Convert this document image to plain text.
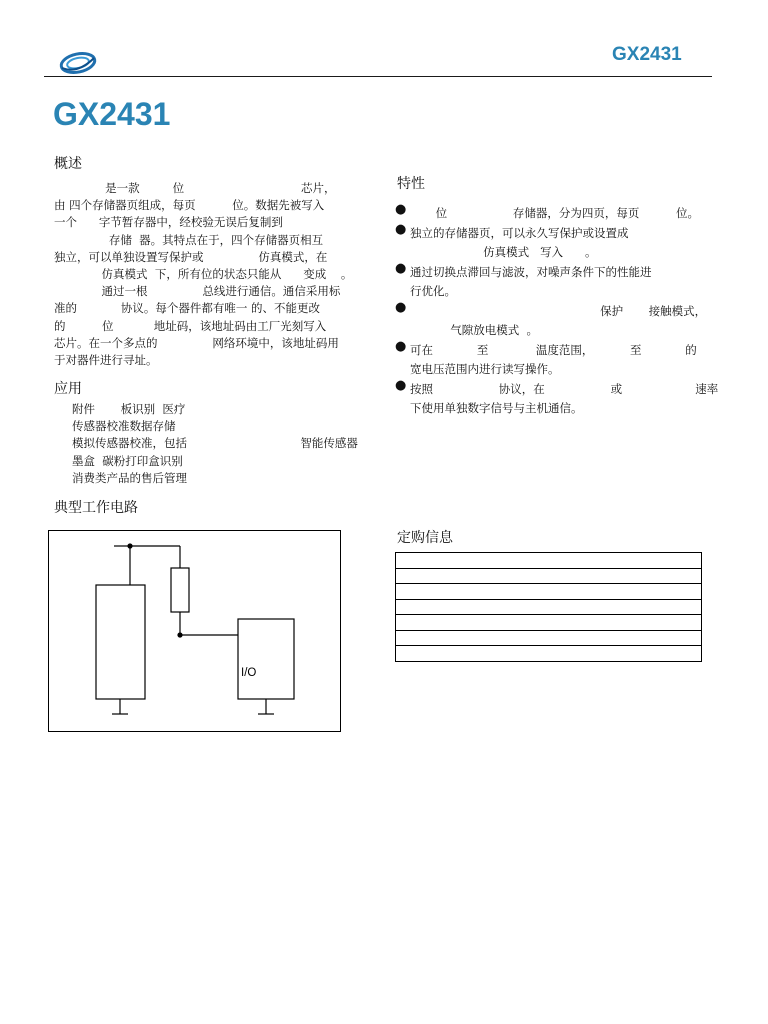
GX2431
GX2431
概述
是一款         位                                芯片，
由 四个存储器页组成，每页          位。数据先被写入
一个      字节暂存器中，经校验无误后复制到
存储  器。其特点在于，四个存储器页相互
独立，可以单独设置写保护或               仿真模式，在
仿真模式  下，所有位的状态只能从      变成    。
通过一根               总线进行通信。通信采用标
准的            协议。每个器件都有唯一 的、不能更改
的          位           地址码，该地址码由工厂光刻写入
芯片。在一个多点的               网络环境中，该地址码用
于对器件进行寻址。
应用
附件       板识别  医疗
传感器校准数据存储
模拟传感器校准，包括                               智能传感器
墨盒  碳粉打印盒识别
消费类产品的售后管理
典型工作电路
I/O
特性
● 位                  存储器，分为四页，每页          位。
● 独立的存储器页，可以永久写保护或设置成
仿真模式   写入      。
● 通过切换点滞回与滤波，对噪声条件下的性能进
行优化。
● 保护       接触模式，
气隙放电模式  。
● 可在            至             温度范围，          至            的
宽电压范围内进行读写操作。
● 按照                  协议，在                  或                    速率
下使用单独数字信号与主机通信。
定购信息
